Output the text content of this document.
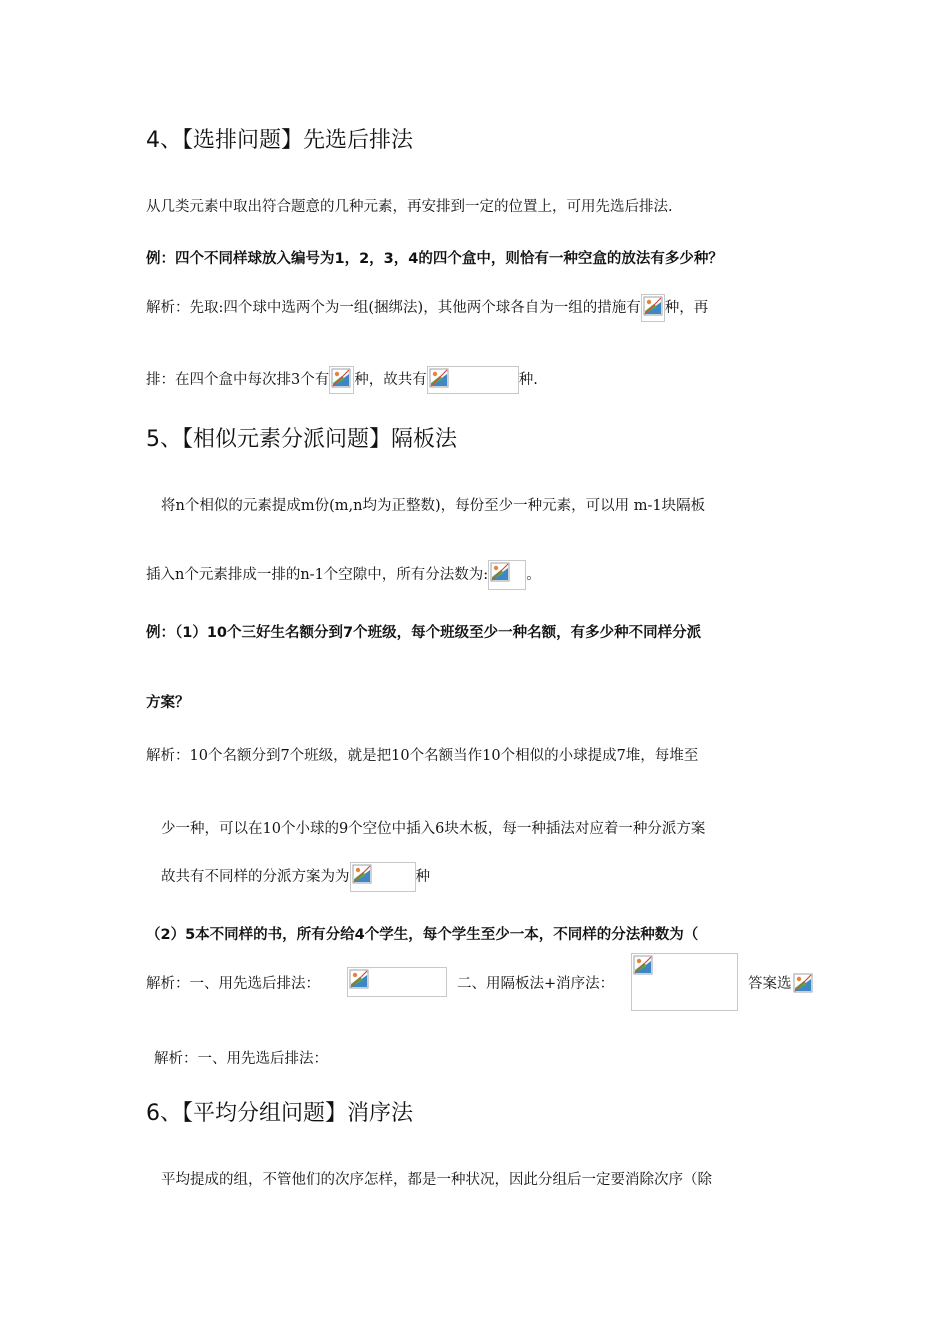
4、【选排问题】先选后排法
从几类元素中取出符合题意的几种元素，再安排到一定的位置上，可用先选后排法.
例：四个不同样球放入编号为1，2，3，4的四个盒中，则恰有一种空盒的放法有多少种？
解析：先取:四个球中选两个为一组(捆绑法)，其他两个球各自为一组的措施有 种，再
排：在四个盒中每次排3个有 种，故共有	种.
5、【相似元素分派问题】隔板法
将n个相似的元素提成m份(m,n均为正整数)，每份至少一种元素，可以用 m-1块隔板
插入n个元素排成一排的n-1个空隙中，所有分法数为:	。
例：（1）10个三好生名额分到7个班级，每个班级至少一种名额，有多少种不同样分派
方案？
解析：10个名额分到7个班级，就是把10个名额当作10个相似的小球提成7堆，每堆至
少一种，可以在10个小球的9个空位中插入6块木板，每一种插法对应着一种分派方案
故共有不同样的分派方案为为	种
（2）5本不同样的书，所有分给4个学生，每个学生至少一本，不同样的分法种数为（
解析：一、用先选后排法：	二、用隔板法+消序法：	答案选
解析：一、用先选后排法：
6、【平均分组问题】消序法
平均提成的组，不管他们的次序怎样，都是一种状况，因此分组后一定要消除次序（除
